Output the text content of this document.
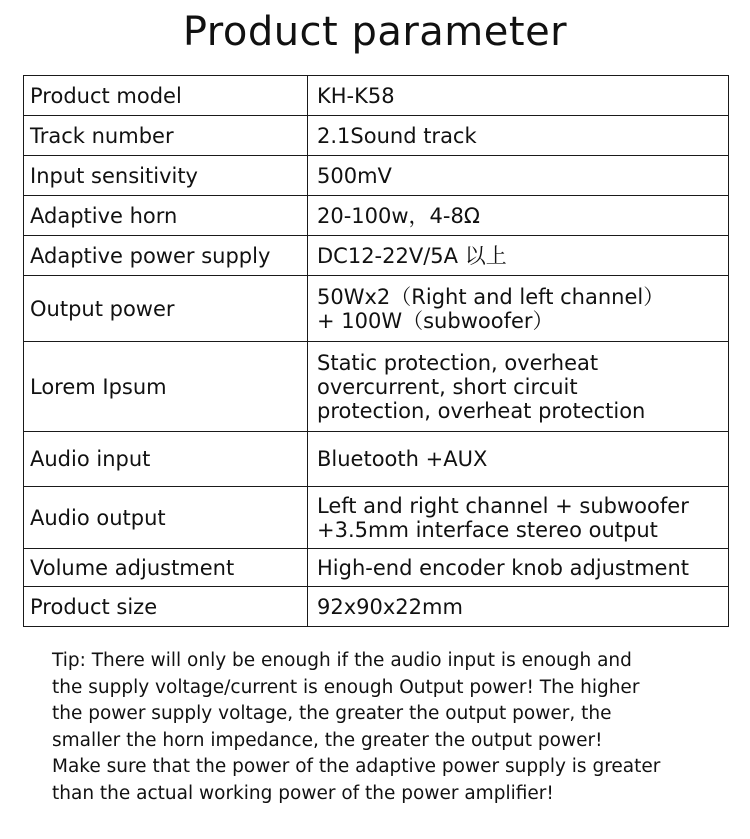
Product parameter
Product model	KH-K58

Track number	2.1Sound track

Input sensitivity	500mV

Adaptive horn	20-100w，4-8Ω

Adaptive power supply	DC12-22V/5A 以上

Output power	50Wx2（Right and left channel）
+ 100W（subwoofer）

Lorem Ipsum	Static protection, overheat
overcurrent, short circuit
protection, overheat protection

Audio input	Bluetooth +AUX

Audio output	Left and right channel + subwoofer
+3.5mm interface stereo output

Volume adjustment	High-end encoder knob adjustment

Product size	92x90x22mm
Tip: There will only be enough if the audio input is enough and
the supply voltage/current is enough Output power! The higher
the power supply voltage, the greater the output power, the
smaller the horn impedance, the greater the output power!
Make sure that the power of the adaptive power supply is greater
than the actual working power of the power amplifier!
